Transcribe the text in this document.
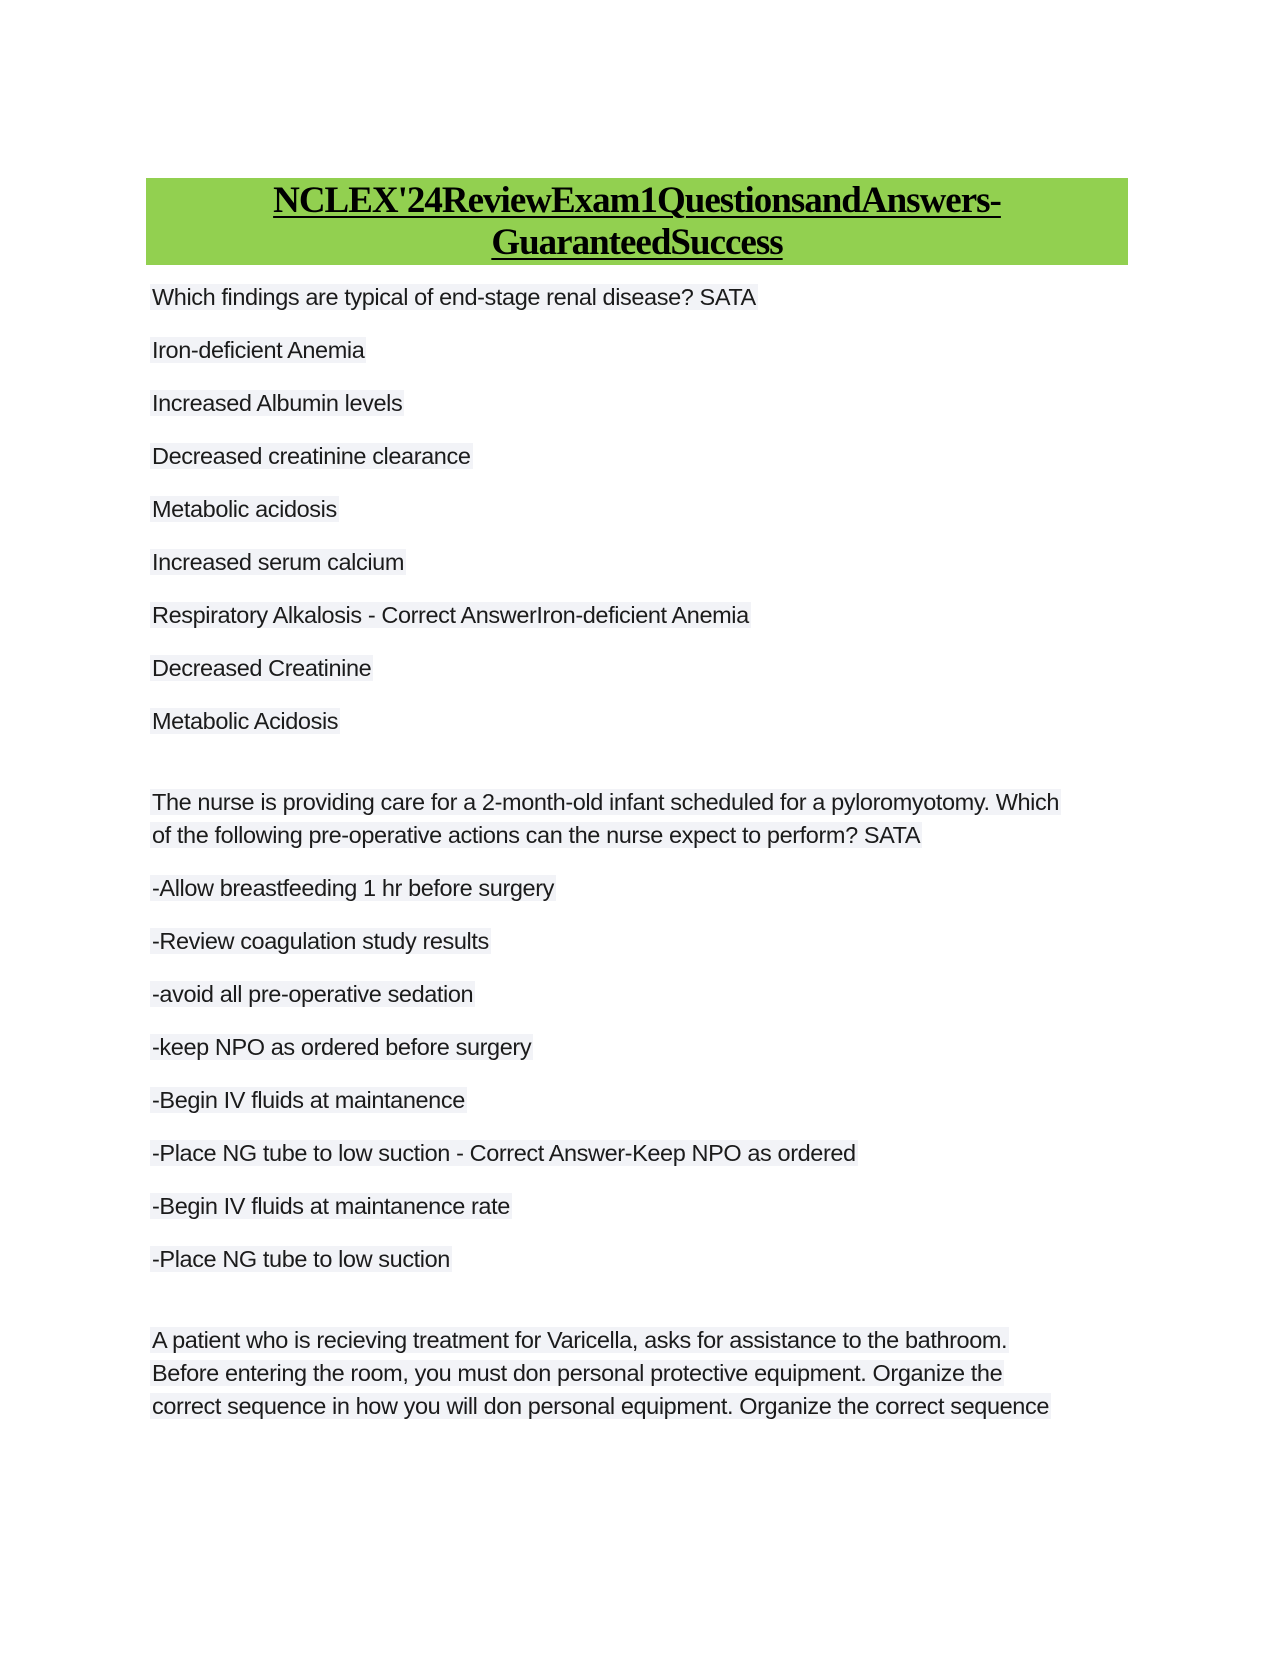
NCLEX'24ReviewExam1QuestionsandAnswers-
GuaranteedSuccess
Which findings are typical of end-stage renal disease? SATA
Iron-deficient Anemia
Increased Albumin levels
Decreased creatinine clearance
Metabolic acidosis
Increased serum calcium
Respiratory Alkalosis - Correct AnswerIron-deficient Anemia
Decreased Creatinine
Metabolic Acidosis
The nurse is providing care for a 2-month-old infant scheduled for a pyloromyotomy. Which
of the following pre-operative actions can the nurse expect to perform? SATA
-Allow breastfeeding 1 hr before surgery
-Review coagulation study results
-avoid all pre-operative sedation
-keep NPO as ordered before surgery
-Begin IV fluids at maintanence
-Place NG tube to low suction - Correct Answer-Keep NPO as ordered
-Begin IV fluids at maintanence rate
-Place NG tube to low suction
A patient who is recieving treatment for Varicella, asks for assistance to the bathroom.
Before entering the room, you must don personal protective equipment. Organize the
correct sequence in how you will don personal equipment. Organize the correct sequence
